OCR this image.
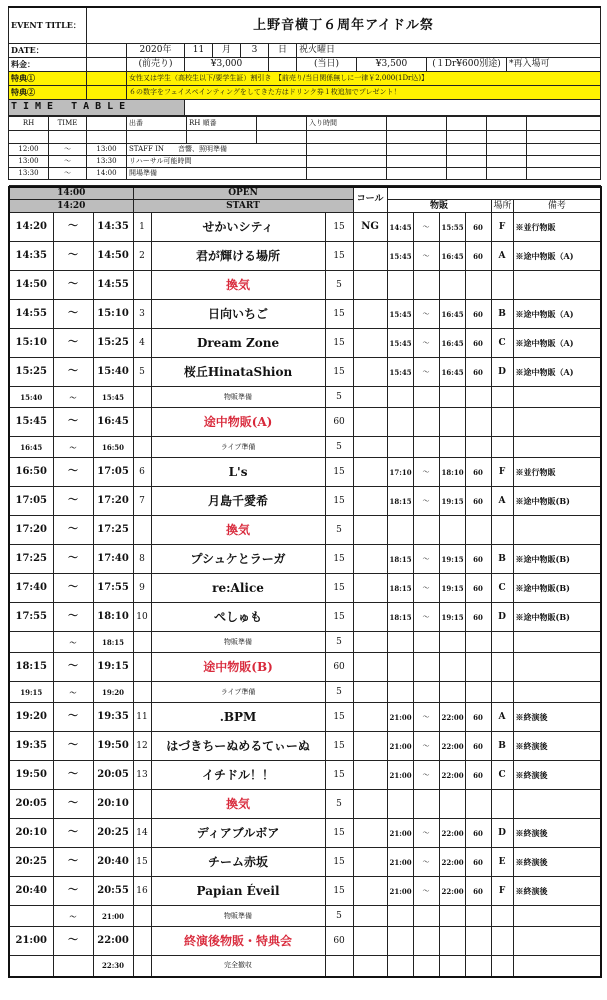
EVENT TITLE：	上野音横丁６周年アイドル祭									
DATE：		2020年	11	月	3	日	祝火曜日			
料金：		(前売り)	¥3,000				(当日)	¥3,500	(１Dr¥600別途)	*再入場可
特典①		女性又は学生（高校生以下/要学生証）割引き　【前売り/当日関係無しに一律￥2,000(1Dr込)】								
特典②		６の数字をフェイスペインティングをしてきた方はドリンク券１枚追加でプレゼント！								
TIME TABLE										
RH	TIME		出番	RH 順番		入り時間				

12:00	〜	13:00	STAFF IN　　音響、照明準備							
13:00	〜	13:30	リハーサル可能時間							
13:30	〜	14:00	開場準備							

14:00			OPEN			コール						
14:20			START				物販				場所	備考
14:20	〜	14:35	1	せかいシティ	15	NG	14:45	〜	15:55	60	F	※並行物販
14:35	〜	14:50	2	君が輝ける場所	15		15:45	〜	16:45	60	A	※途中物販（A)
14:50	〜	14:55		換気	5							
14:55	〜	15:10	3	日向いちご	15		15:45	〜	16:45	60	B	※途中物販（A)
15:10	〜	15:25	4	Dream Zone	15		15:45	〜	16:45	60	C	※途中物販（A)
15:25	〜	15:40	5	桜丘HinataShion	15		15:45	〜	16:45	60	D	※途中物販（A)
15:40	〜	15:45		物販準備	5							
15:45	〜	16:45		途中物販(A)	60							
16:45	〜	16:50		ライブ準備	5							
16:50	〜	17:05	6	L's	15		17:10	〜	18:10	60	F	※並行物販
17:05	〜	17:20	7	月島千愛希	15		18:15	〜	19:15	60	A	※途中物販(B)
17:20	〜	17:25		換気	5							
17:25	〜	17:40	8	プシュケとラーガ	15		18:15	〜	19:15	60	B	※途中物販(B)
17:40	〜	17:55	9	re:Alice	15		18:15	〜	19:15	60	C	※途中物販(B)
17:55	〜	18:10	10	ぺしゅも	15		18:15	〜	19:15	60	D	※途中物販(B)
	〜	18:15		物販準備	5							
18:15	〜	19:15		途中物販(B)	60							
19:15	〜	19:20		ライブ準備	5							
19:20	〜	19:35	11	.BPM	15		21:00	〜	22:00	60	A	※終演後
19:35	〜	19:50	12	はづきちーぬめるてぃーぬ	15		21:00	〜	22:00	60	B	※終演後
19:50	〜	20:05	13	イチドル！！	15		21:00	〜	22:00	60	C	※終演後
20:05	〜	20:10		換気	5							
20:10	〜	20:25	14	ディアブルボア	15		21:00	〜	22:00	60	D	※終演後
20:25	〜	20:40	15	チーム赤坂	15		21:00	〜	22:00	60	E	※終演後
20:40	〜	20:55	16	Papian Éveil	15		21:00	〜	22:00	60	F	※終演後
	〜	21:00		物販準備	5							
21:00	〜	22:00		終演後物販・特典会	60							
		22:30		完全撤収								
